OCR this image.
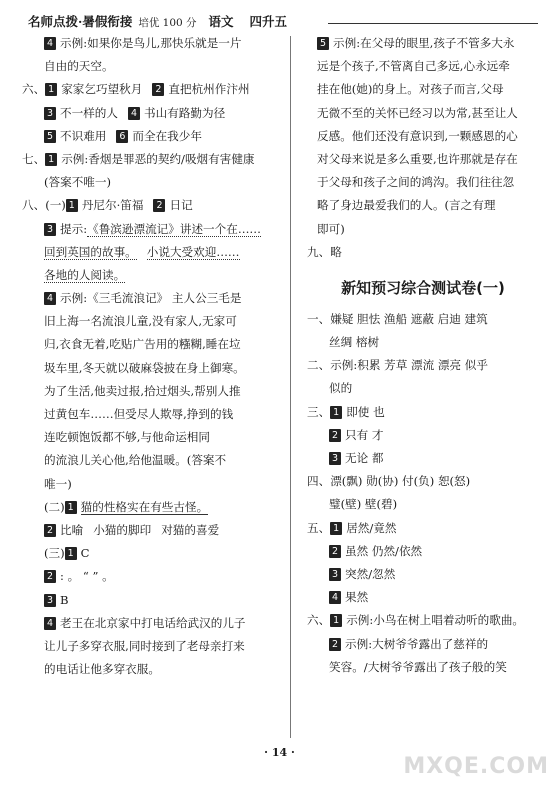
名师点拨·暑假衔接 培优 100 分 语文 四升五
4 示例:如果你是鸟儿,那快乐就是一片
自由的天空。
六、 1 家家乞巧望秋月 2 直把杭州作汴州
3 不一样的人 4 书山有路勤为径
5 不识难用 6 而全在我少年
七、 1 示例:香烟是罪恶的契约/吸烟有害健康
(答案不唯一)
八、(一) 1 丹尼尔·笛福 2 日记
3 提示:《鲁滨逊漂流记》讲述一个在……
回到英国的故事。 小说大受欢迎……
各地的人阅读。
4 示例:《三毛流浪记》 主人公三毛是
旧上海一名流浪儿童,没有家人,无家可
归,衣食无着,吃贴广告用的糨糊,睡在垃
圾车里,冬天就以破麻袋披在身上御寒。
为了生活,他卖过报,拾过烟头,帮别人推
过黄包车……但受尽人欺辱,挣到的钱
连吃顿饱饭都不够,与他命运相同
的流浪儿关心他,给他温暖。(答案不
唯一)
(二) 1 猫的性格实在有些古怪。
2 比喻 小猫的脚印 对猫的喜爱
(三) 1 C
2 : 。 “ ” 。
3 B
4 老王在北京家中打电话给武汉的儿子
让儿子多穿衣服,同时接到了老母亲打来
的电话让他多穿衣服。
5 示例:在父母的眼里,孩子不管多大永
远是个孩子,不管离自己多远,心永远牵
挂在他(她)的身上。对孩子而言,父母
无微不至的关怀已经习以为常,甚至让人
反感。他们还没有意识到,一颗感恩的心
对父母来说是多么重要,也许那就是存在
于父母和孩子之间的鸿沟。我们往往忽
略了身边最爱我们的人。(言之有理
即可)
九、略
新知预习综合测试卷(一)
一、嫌疑 胆怯 渔船 遮蔽 启迪 建筑
丝绸 榕树
二、示例:积累 芳草 漂流 漂亮 似乎
似的
三、 1 即使 也
2 只有 才
3 无论 都
四、漂(飘) 勋(协) 付(负) 恕(怒)
璧(壁) 壁(碧)
五、 1 居然/竟然
2 虽然 仍然/依然
3 突然/忽然
4 果然
六、 1 示例:小鸟在树上唱着动听的歌曲。
2 示例:大树爷爷露出了慈祥的
笑容。/大树爷爷露出了孩子般的笑
· 14 ·
MXQE.COM
